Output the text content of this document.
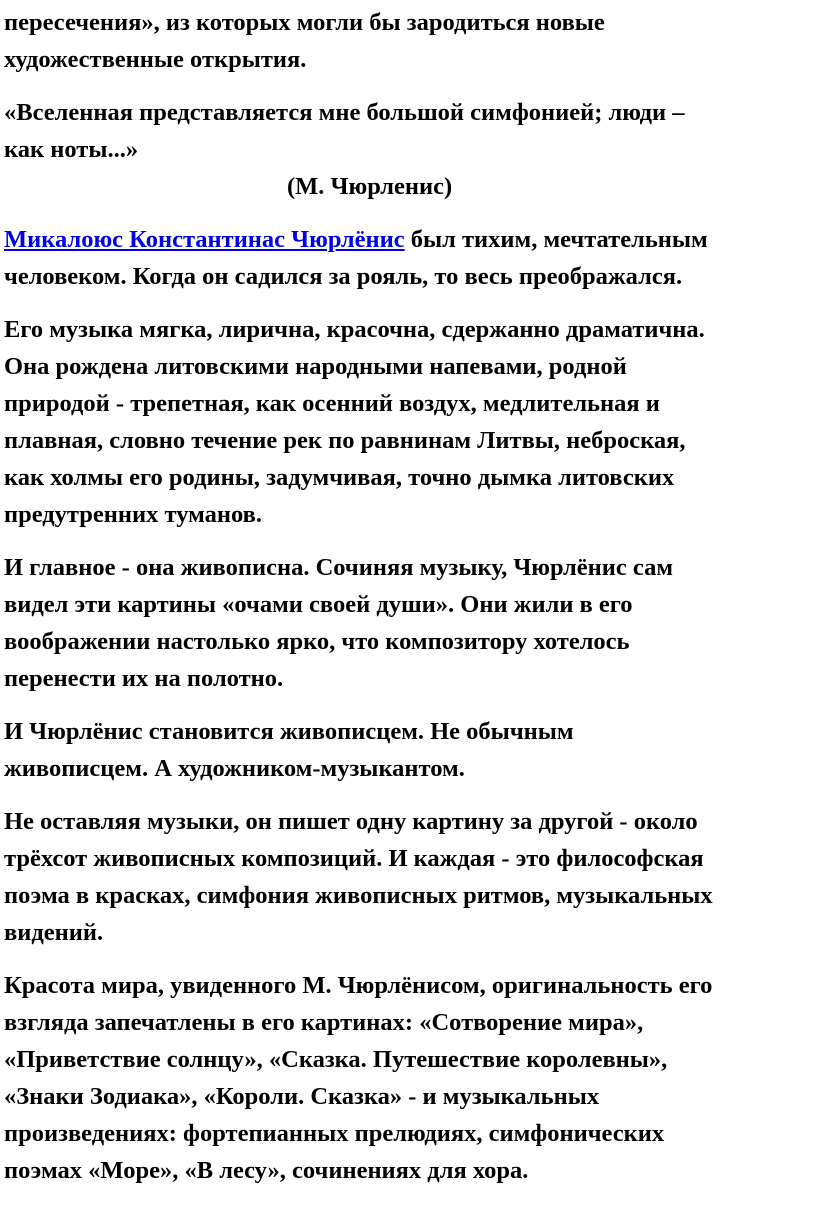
пересечения», из которых могли бы зародиться новые
художественные открытия.

«Вселенная представляется мне большой симфонией; люди –
как ноты...»
(М. Чюрленис)

Микалоюс Константинас Чюрлёнис был тихим, мечтательным
человеком. Когда он садился за рояль, то весь преображался.

Его музыка мягка, лирична, красочна, сдержанно драматична.
Она рождена литовскими народными напевами, родной
природой - трепетная, как осенний воздух, медлительная и
плавная, словно течение рек по равнинам Литвы, неброская,
как холмы его родины, задумчивая, точно дымка литовских
предутренних туманов.

И главное - она живописна. Сочиняя музыку, Чюрлёнис сам
видел эти картины «очами своей души». Они жили в его
воображении настолько ярко, что композитору хотелось
перенести их на полотно.

И Чюрлёнис становится живописцем. Не обычным
живописцем. А художником-музыкантом.

Не оставляя музыки, он пишет одну картину за другой - около
трёхсот живописных композиций. И каждая - это философская
поэма в красках, симфония живописных ритмов, музыкальных
видений.

Красота мира, увиденного М. Чюрлёнисом, оригинальность его
взгляда запечатлены в его картинах: «Сотворение мира»,
«Приветствие солнцу», «Сказка. Путешествие королевны»,
«Знаки Зодиака», «Короли. Сказка» - и музыкальных
произведениях: фортепианных прелюдиях, симфонических
поэмах «Море», «В лесу», сочинениях для хора.
